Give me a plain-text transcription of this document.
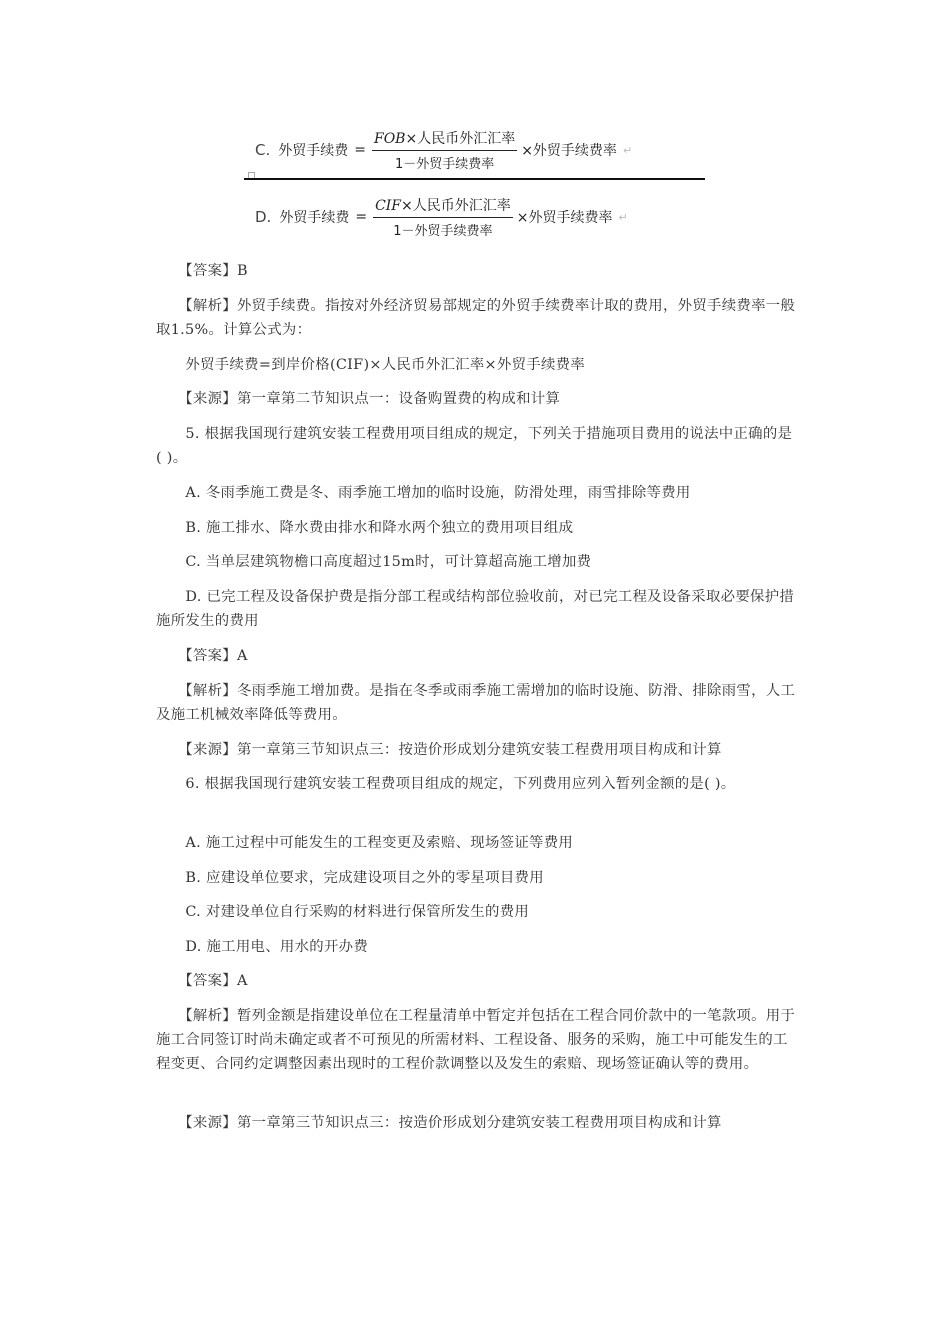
C. 外贸手续费 = $\frac{\text{FOB×人民币外汇汇率}}{\text{1－外贸手续费率}}$ ×外贸手续费率 ↵
D. 外贸手续费 = $\frac{\text{CIF×人民币外汇汇率}}{\text{1－外贸手续费率}}$ ×外贸手续费率 ↵
　　【答案】B
　　【解析】外贸手续费。指按对外经济贸易部规定的外贸手续费率计取的费用，外贸手续费率一般取1.5%。计算公式为：
　　外贸手续费=到岸价格(CIF)×人民币外汇汇率×外贸手续费率
　　【来源】第一章第二节知识点一：设备购置费的构成和计算
　　5. 根据我国现行建筑安装工程费用项目组成的规定，下列关于措施项目费用的说法中正确的是( )。
　　A. 冬雨季施工费是冬、雨季施工增加的临时设施，防滑处理，雨雪排除等费用
　　B. 施工排水、降水费由排水和降水两个独立的费用项目组成
　　C. 当单层建筑物檐口高度超过15m时，可计算超高施工增加费
　　D. 已完工程及设备保护费是指分部工程或结构部位验收前，对已完工程及设备采取必要保护措施所发生的费用
　　【答案】A
　　【解析】冬雨季施工增加费。是指在冬季或雨季施工需增加的临时设施、防滑、排除雨雪，人工及施工机械效率降低等费用。
　　【来源】第一章第三节知识点三：按造价形成划分建筑安装工程费用项目构成和计算
　　6. 根据我国现行建筑安装工程费项目组成的规定，下列费用应列入暂列金额的是( )。
　　A. 施工过程中可能发生的工程变更及索赔、现场签证等费用
　　B. 应建设单位要求，完成建设项目之外的零星项目费用
　　C. 对建设单位自行采购的材料进行保管所发生的费用
　　D. 施工用电、用水的开办费
　　【答案】A
　　【解析】暂列金额是指建设单位在工程量清单中暂定并包括在工程合同价款中的一笔款项。用于施工合同签订时尚未确定或者不可预见的所需材料、工程设备、服务的采购，施工中可能发生的工程变更、合同约定调整因素出现时的工程价款调整以及发生的索赔、现场签证确认等的费用。
　　【来源】第一章第三节知识点三：按造价形成划分建筑安装工程费用项目构成和计算
